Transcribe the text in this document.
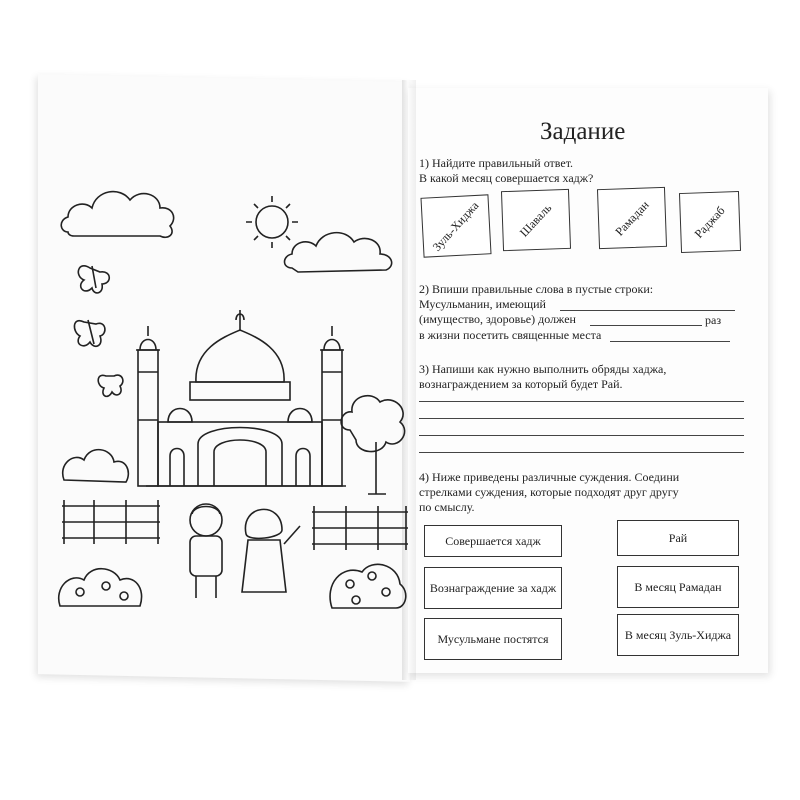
Задание
1) Найдите правильный ответ.
В какой месяц совершается хадж?
Зуль-Хиджа	Шаваль	Рамадан	Раджаб
2) Впиши правильные слова в пустые строки:
Мусульманин, имеющий
(имущество, здоровье) должен	раз
в жизни посетить священные места
3) Напиши как нужно выполнить обряды хаджа,
вознаграждением за который будет Рай.
4) Ниже приведены различные суждения. Соедини
стрелками суждения, которые подходят друг другу
по смыслу.
Совершается хадж
Вознаграждение за хадж
Мусульмане постятся
Рай
В месяц Рамадан
В месяц Зуль-Хиджа
